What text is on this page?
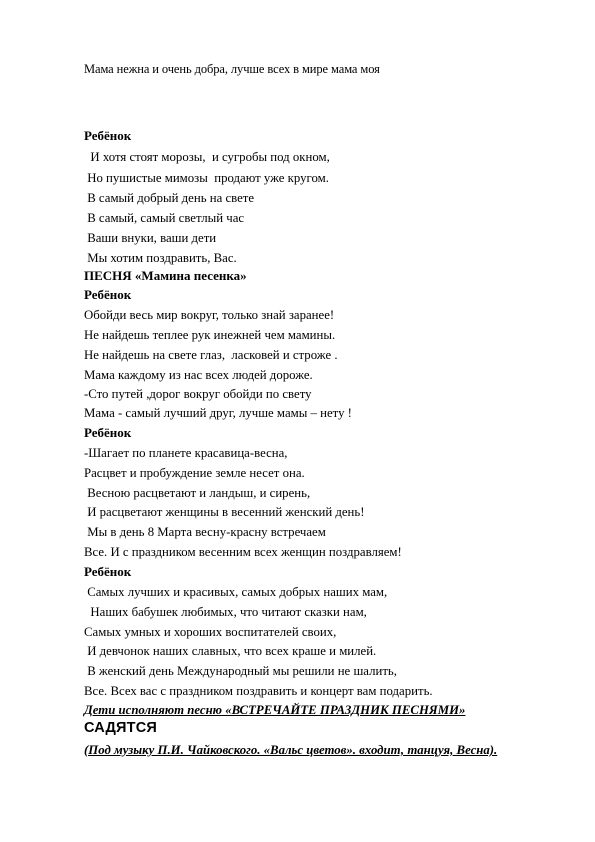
Мама нежна и очень добра, лучше всех в мире мама моя
Ребёнок
И хотя стоят морозы,  и сугробы под окном,
Но пушистые мимозы  продают уже кругом.
В самый добрый день на свете
В самый, самый светлый час
Ваши внуки, ваши дети
Мы хотим поздравить, Вас.
ПЕСНЯ «Мамина песенка»
Ребёнок
Обойди весь мир вокруг, только знай заранее!
Не найдешь теплее рук инежней чем мамины.
Не найдешь на свете глаз,  ласковей и строже .
Мама каждому из нас всех людей дороже.
-Сто путей ,дорог вокруг обойди по свету
Мама - самый лучший друг, лучше мамы – нету !
Ребёнок
-Шагает по планете красавица-весна,
Расцвет и пробуждение земле несет она.
Весною расцветают и ландыш, и сирень,
И расцветают женщины в весенний женский день!
Мы в день 8 Марта весну-красну встречаем
Все. И с праздником весенним всех женщин поздравляем!
Ребёнок
Самых лучших и красивых, самых добрых наших мам,
Наших бабушек любимых, что читают сказки нам,
Самых умных и хороших воспитателей своих,
И девчонок наших славных, что всех краше и милей.
В женский день Международный мы решили не шалить,
Все. Всех вас с праздником поздравить и концерт вам подарить.
Дети исполняют песню «ВСТРЕЧАЙТЕ ПРАЗДНИК ПЕСНЯМИ»
САДЯТСЯ
(Под музыку П.И. Чайковского. «Вальс цветов». входит, танцуя, Весна).
